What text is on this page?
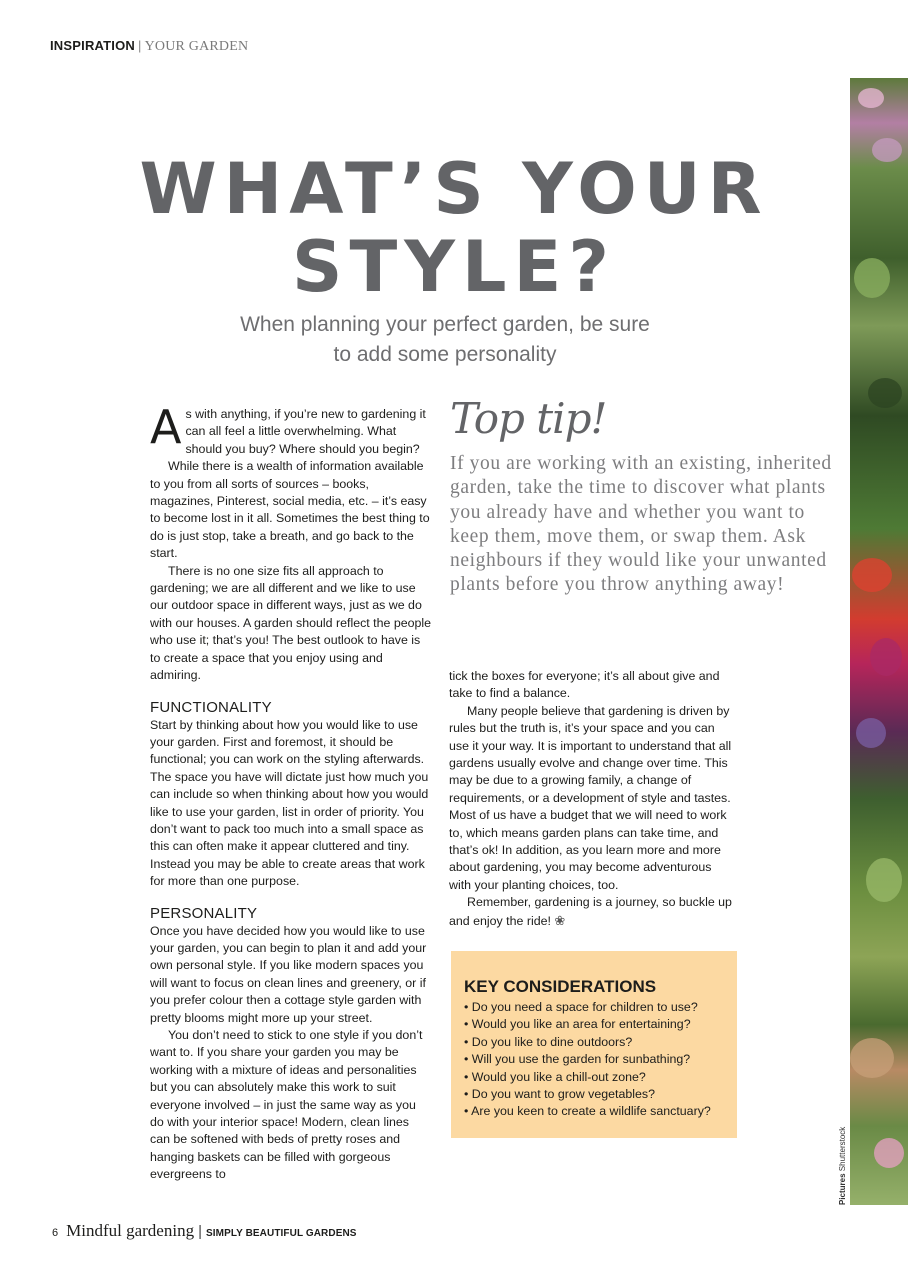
INSPIRATION | YOUR GARDEN
Pictures Shutterstock
WHAT’S YOUR
STYLE?
When planning your perfect garden, be sure
to add some personality

As with anything, if you’re new to gardening it can all feel a little overwhelming. What should you buy? Where should you begin?

While there is a wealth of information available to you from all sorts of sources – books, magazines, Pinterest, social media, etc. – it’s easy to become lost in it all. Sometimes the best thing to do is just stop, take a breath, and go back to the start.

There is no one size fits all approach to gardening; we are all different and we like to use our outdoor space in different ways, just as we do with our houses. A garden should reflect the people who use it; that’s you! The best outlook to have is to create a space that you enjoy using and admiring.

FUNCTIONALITY

Start by thinking about how you would like to use your garden. First and foremost, it should be functional; you can work on the styling afterwards. The space you have will dictate just how much you can include so when thinking about how you would like to use your garden, list in order of priority. You don’t want to pack too much into a small space as this can often make it appear cluttered and tiny. Instead you may be able to create areas that work for more than one purpose.

PERSONALITY

Once you have decided how you would like to use your garden, you can begin to plan it and add your own personal style. If you like modern spaces you will want to focus on clean lines and greenery, or if you prefer colour then a cottage style garden with pretty blooms might more up your street.

You don’t need to stick to one style if you don’t want to. If you share your garden you may be working with a mixture of ideas and personalities but you can absolutely make this work to suit everyone involved – in just the same way as you do with your interior space! Modern, clean lines can be softened with beds of pretty roses and hanging baskets can be filled with gorgeous evergreens to

Top tip!
If you are working with an existing, inherited garden, take the time to discover what plants you already have and whether you want to keep them, move them, or swap them. Ask neighbours if they would like your unwanted plants before you throw anything away!

tick the boxes for everyone; it’s all about give and take to find a balance.

Many people believe that gardening is driven by rules but the truth is, it’s your space and you can use it your way. It is important to understand that all gardens usually evolve and change over time. This may be due to a growing family, a change of requirements, or a development of style and tastes. Most of us have a budget that we will need to work to, which means garden plans can take time, and that’s ok! In addition, as you learn more and more about gardening, you may become adventurous with your planting choices, too.

Remember, gardening is a journey, so buckle up and enjoy the ride! ❀

KEY CONSIDERATIONS
• Do you need a space for children to use?
• Would you like an area for entertaining?
• Do you like to dine outdoors?
• Will you use the garden for sunbathing?
• Would you like a chill-out zone?
• Do you want to grow vegetables?
• Are you keen to create a wildlife sanctuary?
6 Mindful gardening | SIMPLY BEAUTIFUL GARDENS
